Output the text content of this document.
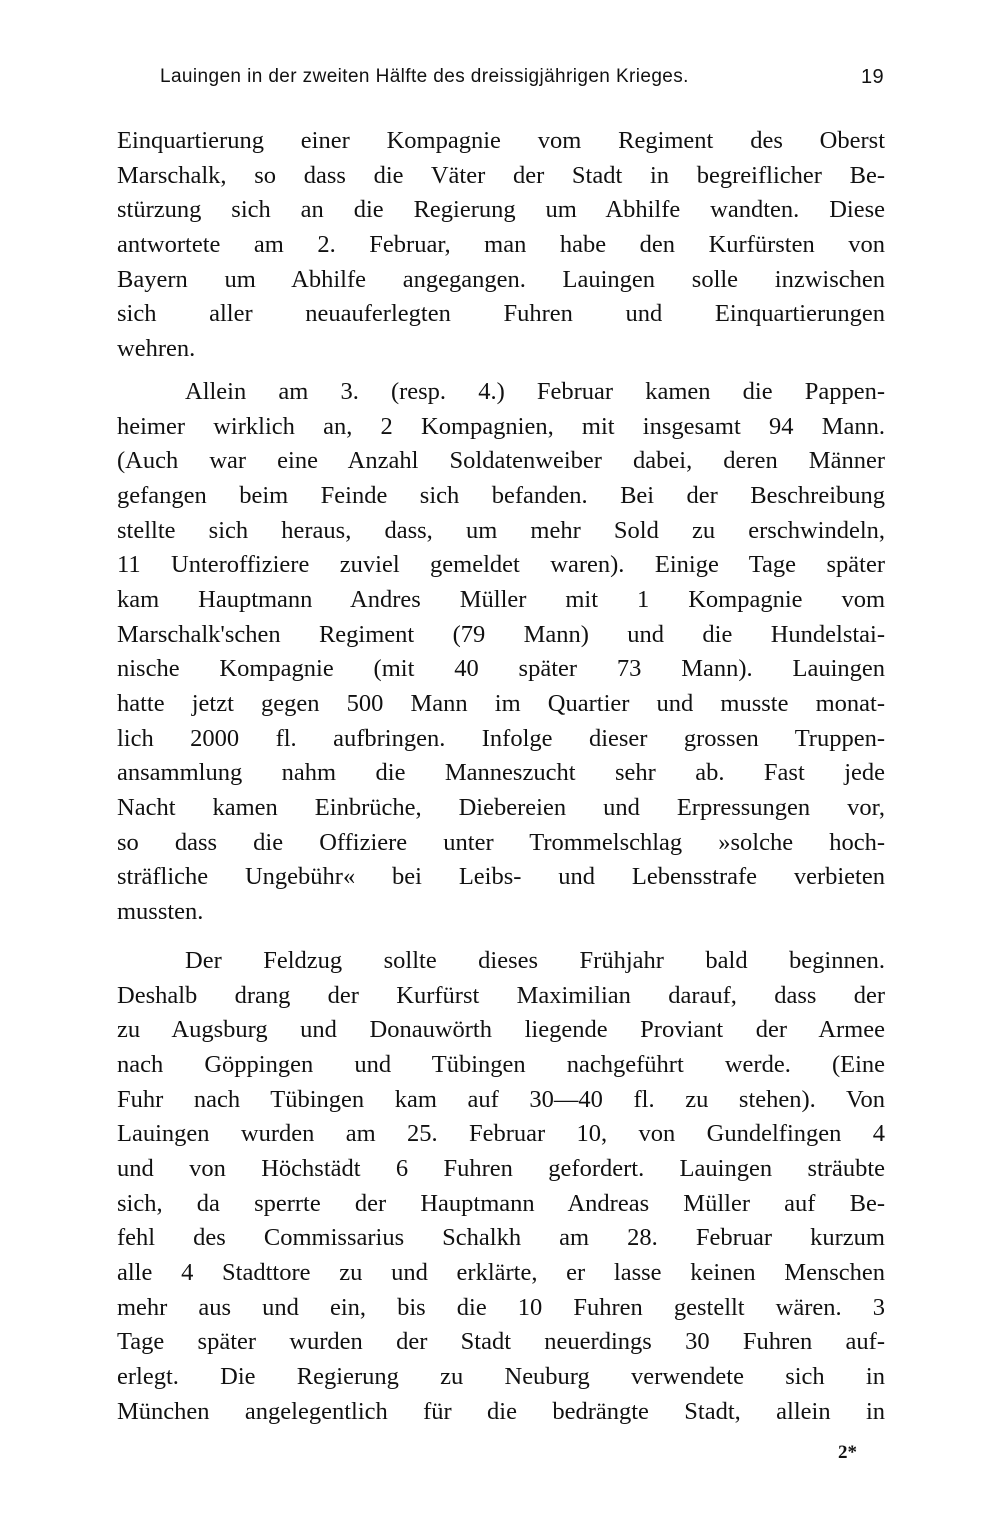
Lauingen in der zweiten Hälfte des dreissigjährigen Krieges.	19

Einquartierung einer Kompagnie vom Regiment des Oberst
Marschalk, so dass die Väter der Stadt in begreiflicher Be-
stürzung sich an die Regierung um Abhilfe wandten. Diese
antwortete am 2. Februar, man habe den Kurfürsten von
Bayern um Abhilfe angegangen. Lauingen solle inzwischen
sich aller neuauferlegten Fuhren und Einquartierungen
wehren.

Allein am 3. (resp. 4.) Februar kamen die Pappen-
heimer wirklich an, 2 Kompagnien, mit insgesamt 94 Mann.
(Auch war eine Anzahl Soldatenweiber dabei, deren Männer
gefangen beim Feinde sich befanden. Bei der Beschreibung
stellte sich heraus, dass, um mehr Sold zu erschwindeln,
11 Unteroffiziere zuviel gemeldet waren). Einige Tage später
kam Hauptmann Andres Müller mit 1 Kompagnie vom
Marschalk'schen Regiment (79 Mann) und die Hundelstai-
nische Kompagnie (mit 40 später 73 Mann). Lauingen
hatte jetzt gegen 500 Mann im Quartier und musste monat-
lich 2000 fl. aufbringen. Infolge dieser grossen Truppen-
ansammlung nahm die Manneszucht sehr ab. Fast jede
Nacht kamen Einbrüche, Diebereien und Erpressungen vor,
so dass die Offiziere unter Trommelschlag »solche hoch-
sträfliche Ungebühr« bei Leibs- und Lebensstrafe verbieten
mussten.

Der Feldzug sollte dieses Frühjahr bald beginnen.
Deshalb drang der Kurfürst Maximilian darauf, dass der
zu Augsburg und Donauwörth liegende Proviant der Armee
nach Göppingen und Tübingen nachgeführt werde. (Eine
Fuhr nach Tübingen kam auf 30—40 fl. zu stehen). Von
Lauingen wurden am 25. Februar 10, von Gundelfingen 4
und von Höchstädt 6 Fuhren gefordert. Lauingen sträubte
sich, da sperrte der Hauptmann Andreas Müller auf Be-
fehl des Commissarius Schalkh am 28. Februar kurzum
alle 4 Stadttore zu und erklärte, er lasse keinen Menschen
mehr aus und ein, bis die 10 Fuhren gestellt wären. 3
Tage später wurden der Stadt neuerdings 30 Fuhren auf-
erlegt. Die Regierung zu Neuburg verwendete sich in
München angelegentlich für die bedrängte Stadt, allein in

2*
